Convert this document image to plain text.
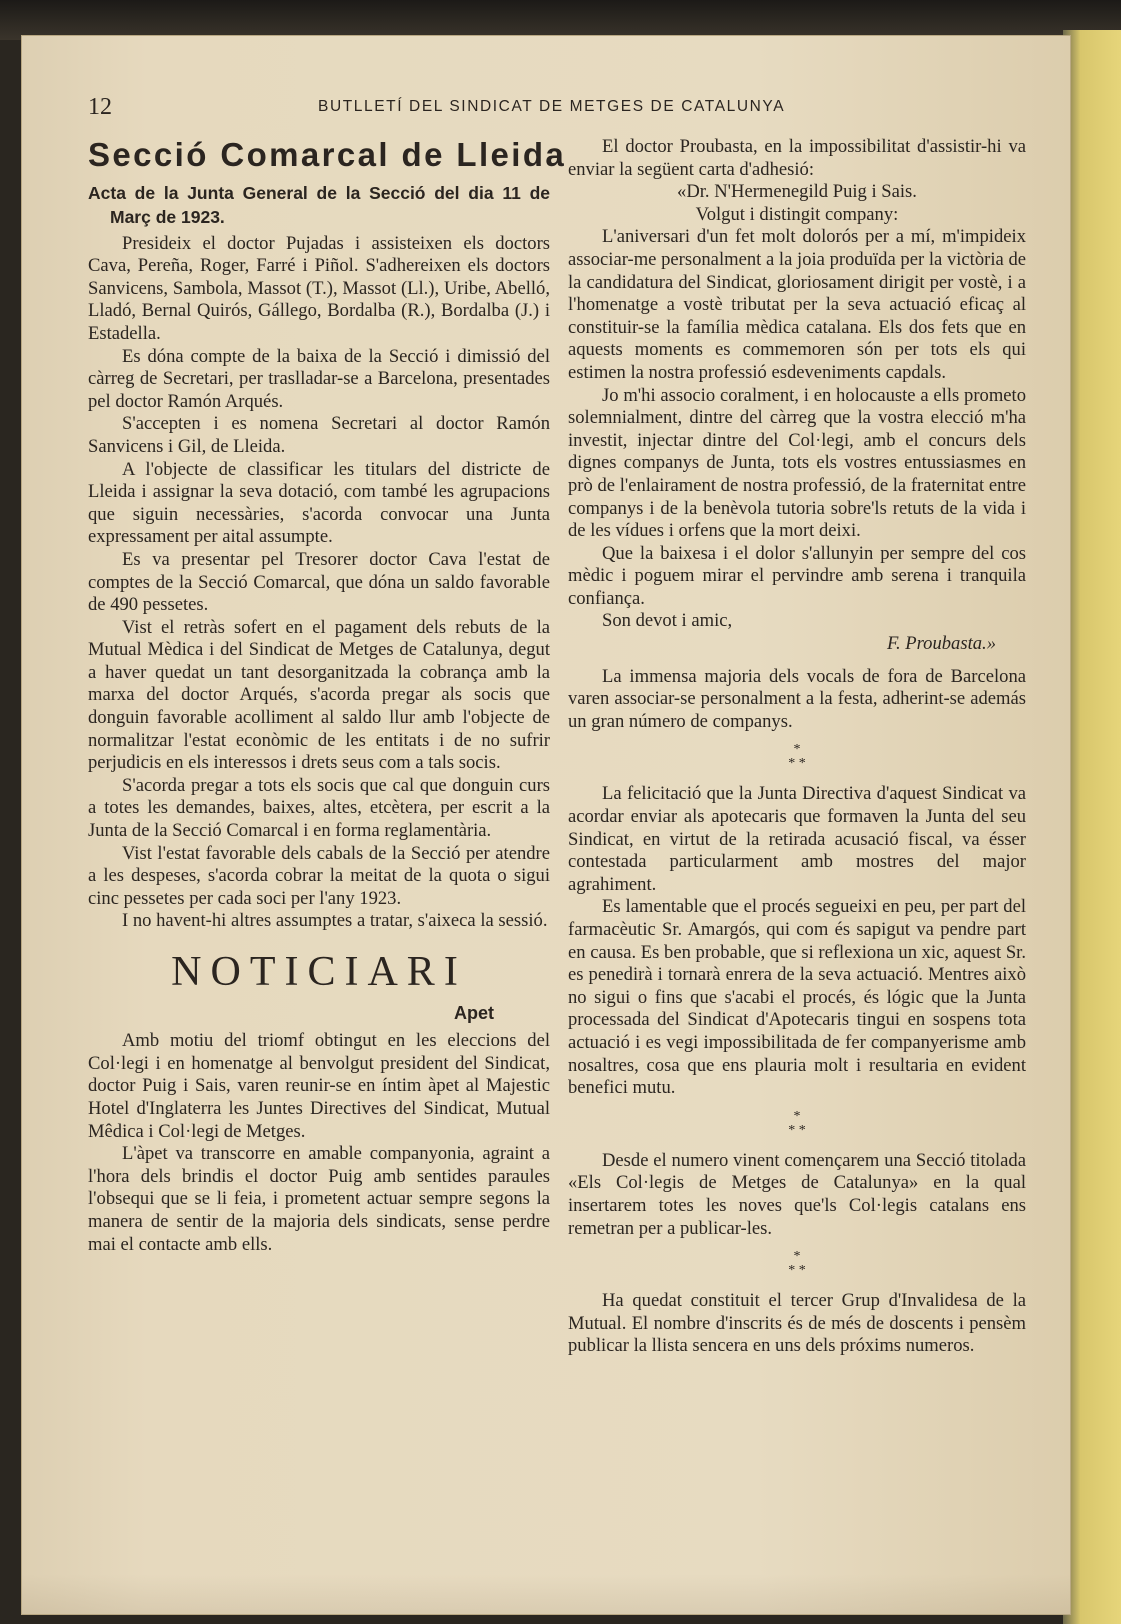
12	BUTLLETÍ DEL SINDICAT DE METGES DE CATALUNYA
Secció Comarcal de Lleida
Acta de la Junta General de la Secció del dia 11 de Març de 1923.

Presideix el doctor Pujadas i assisteixen els doctors Cava, Pereña, Roger, Farré i Piñol. S'adhereixen els doctors Sanvicens, Sambola, Massot (T.), Massot (Ll.), Uribe, Abelló, Lladó, Bernal Quirós, Gállego, Bordalba (R.), Bordalba (J.) i Estadella.

Es dóna compte de la baixa de la Secció i dimissió del càrreg de Secretari, per traslladar-se a Barcelona, presentades pel doctor Ramón Arqués.

S'accepten i es nomena Secretari al doctor Ramón Sanvicens i Gil, de Lleida.

A l'objecte de classificar les titulars del districte de Lleida i assignar la seva dotació, com també les agrupacions que siguin necessàries, s'acorda convocar una Junta expressament per aital assumpte.

Es va presentar pel Tresorer doctor Cava l'estat de comptes de la Secció Comarcal, que dóna un saldo favorable de 490 pessetes.

Vist el retràs sofert en el pagament dels rebuts de la Mutual Mèdica i del Sindicat de Metges de Catalunya, degut a haver quedat un tant desorganitzada la cobrança amb la marxa del doctor Arqués, s'acorda pregar als socis que donguin favorable acolliment al saldo llur amb l'objecte de normalitzar l'estat econòmic de les entitats i de no sufrir perjudicis en els interessos i drets seus com a tals socis.

S'acorda pregar a tots els socis que cal que donguin curs a totes les demandes, baixes, altes, etcètera, per escrit a la Junta de la Secció Comarcal i en forma reglamentària.

Vist l'estat favorable dels cabals de la Secció per atendre a les despeses, s'acorda cobrar la meitat de la quota o sigui cinc pessetes per cada soci per l'any 1923.

I no havent-hi altres assumptes a tratar, s'aixeca la sessió.

NOTICIARI
Apet

Amb motiu del triomf obtingut en les eleccions del Col·legi i en homenatge al benvolgut president del Sindicat, doctor Puig i Sais, varen reunir-se en íntim àpet al Majestic Hotel d'Inglaterra les Juntes Directives del Sindicat, Mutual Mêdica i Col·legi de Metges.

L'àpet va transcorre en amable companyonia, agraint a l'hora dels brindis el doctor Puig amb sentides paraules l'obsequi que se li feia, i prometent actuar sempre segons la manera de sentir de la majoria dels sindicats, sense perdre mai el contacte amb ells.

El doctor Proubasta, en la impossibilitat d'assistir-hi va enviar la següent carta d'adhesió:

«Dr. N'Hermenegild Puig i Sais.

Volgut i distingit company:

L'aniversari d'un fet molt dolorós per a mí, m'impideix associar-me personalment a la joia produïda per la victòria de la candidatura del Sindicat, gloriosament dirigit per vostè, i a l'homenatge a vostè tributat per la seva actuació eficaç al constituir-se la família mèdica catalana. Els dos fets que en aquests moments es commemoren són per tots els qui estimen la nostra professió esdeveniments capdals.

Jo m'hi associo coralment, i en holocauste a ells prometo solemnialment, dintre del càrreg que la vostra elecció m'ha investit, injectar dintre del Col·legi, amb el concurs dels dignes companys de Junta, tots els vostres entussiasmes en prò de l'enlairament de nostra professió, de la fraternitat entre companys i de la benèvola tutoria sobre'ls retuts de la vida i de les vídues i orfens que la mort deixi.

Que la baixesa i el dolor s'allunyin per sempre del cos mèdic i poguem mirar el pervindre amb serena i tranquila confiança.

Son devot i amic,

F. Proubasta.»

La immensa majoria dels vocals de fora de Barcelona varen associar-se personalment a la festa, adherint-se además un gran número de companys.

*
* *

La felicitació que la Junta Directiva d'aquest Sindicat va acordar enviar als apotecaris que formaven la Junta del seu Sindicat, en virtut de la retirada acusació fiscal, va ésser contestada particularment amb mostres del major agrahiment.

Es lamentable que el procés segueixi en peu, per part del farmacèutic Sr. Amargós, qui com és sapigut va pendre part en causa. Es ben probable, que si reflexiona un xic, aquest Sr. es penedirà i tornarà enrera de la seva actuació. Mentres això no sigui o fins que s'acabi el procés, és lógic que la Junta processada del Sindicat d'Apotecaris tingui en sospens tota actuació i es vegi impossibilitada de fer companyerisme amb nosaltres, cosa que ens plauria molt i resultaria en evident benefici mutu.

*
* *

Desde el numero vinent començarem una Secció titolada «Els Col·legis de Metges de Catalunya» en la qual insertarem totes les noves que'ls Col·legis catalans ens remetran per a publicar-les.

*
* *

Ha quedat constituit el tercer Grup d'Invalidesa de la Mutual. El nombre d'inscrits és de més de doscents i pensèm publicar la llista sencera en uns dels próxims numeros.
